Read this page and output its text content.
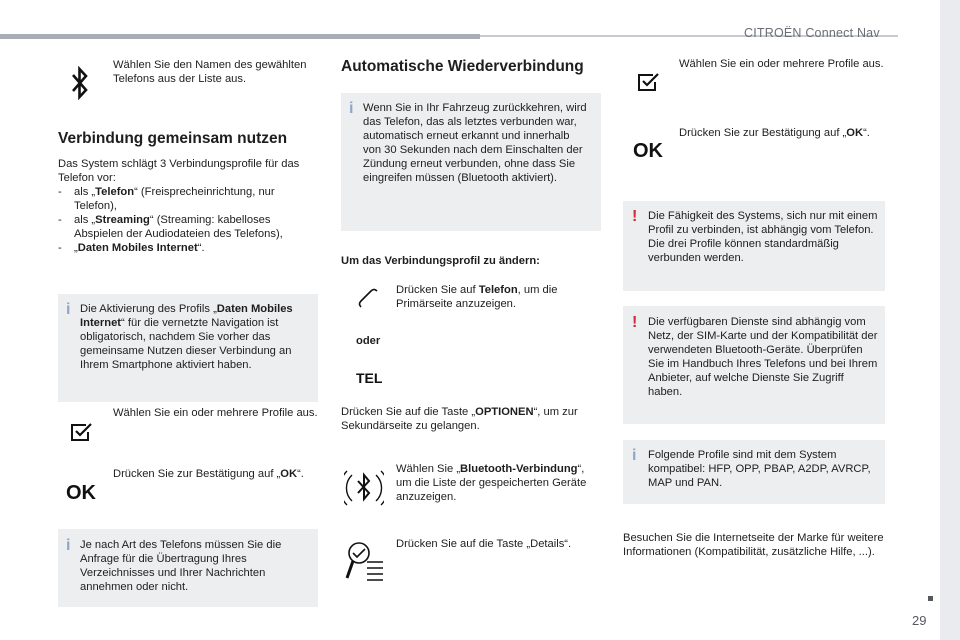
CITROËN Connect Nav
29
Wählen Sie den Namen des gewählten Telefons aus der Liste aus.
Verbindung gemeinsam nutzen
Das System schlägt 3 Verbindungsprofile für das Telefon vor:
-	als „Telefon“ (Freisprecheinrichtung, nur Telefon),
-	als „Streaming“ (Streaming: kabelloses Abspielen der Audiodateien des Telefons),
-	„Daten Mobiles Internet“.
i Die Aktivierung des Profils „Daten Mobiles Internet“ für die vernetzte Navigation ist obligatorisch, nachdem Sie vorher das gemeinsame Nutzen dieser Verbindung an Ihrem Smartphone aktiviert haben.
Wählen Sie ein oder mehrere Profile aus.
OK
Drücken Sie zur Bestätigung auf „OK“.
i Je nach Art des Telefons müssen Sie die Anfrage für die Übertragung Ihres Verzeichnisses und Ihrer Nachrichten annehmen oder nicht.
Automatische Wiederverbindung
i Wenn Sie in Ihr Fahrzeug zurückkehren, wird das Telefon, das als letztes verbunden war, automatisch erneut erkannt und innerhalb von 30 Sekunden nach dem Einschalten der Zündung erneut verbunden, ohne dass Sie eingreifen müssen (Bluetooth aktiviert).
Um das Verbindungsprofil zu ändern:
Drücken Sie auf Telefon, um die Primärseite anzuzeigen.
oder
TEL
Drücken Sie auf die Taste „OPTIONEN“, um zur Sekundärseite zu gelangen.
Wählen Sie „Bluetooth-Verbindung“, um die Liste der gespeicherten Geräte anzuzeigen.
Drücken Sie auf die Taste „Details“.
Wählen Sie ein oder mehrere Profile aus.
OK
Drücken Sie zur Bestätigung auf „OK“.
! Die Fähigkeit des Systems, sich nur mit einem Profil zu verbinden, ist abhängig vom Telefon. Die drei Profile können standardmäßig verbunden werden.
! Die verfügbaren Dienste sind abhängig vom Netz, der SIM-Karte und der Kompatibilität der verwendeten Bluetooth-Geräte. Überprüfen Sie im Handbuch Ihres Telefons und bei Ihrem Anbieter, auf welche Dienste Sie Zugriff haben.
i Folgende Profile sind mit dem System kompatibel: HFP, OPP, PBAP, A2DP, AVRCP, MAP und PAN.
Besuchen Sie die Internetseite der Marke für weitere Informationen (Kompatibilität, zusätzliche Hilfe, ...).
